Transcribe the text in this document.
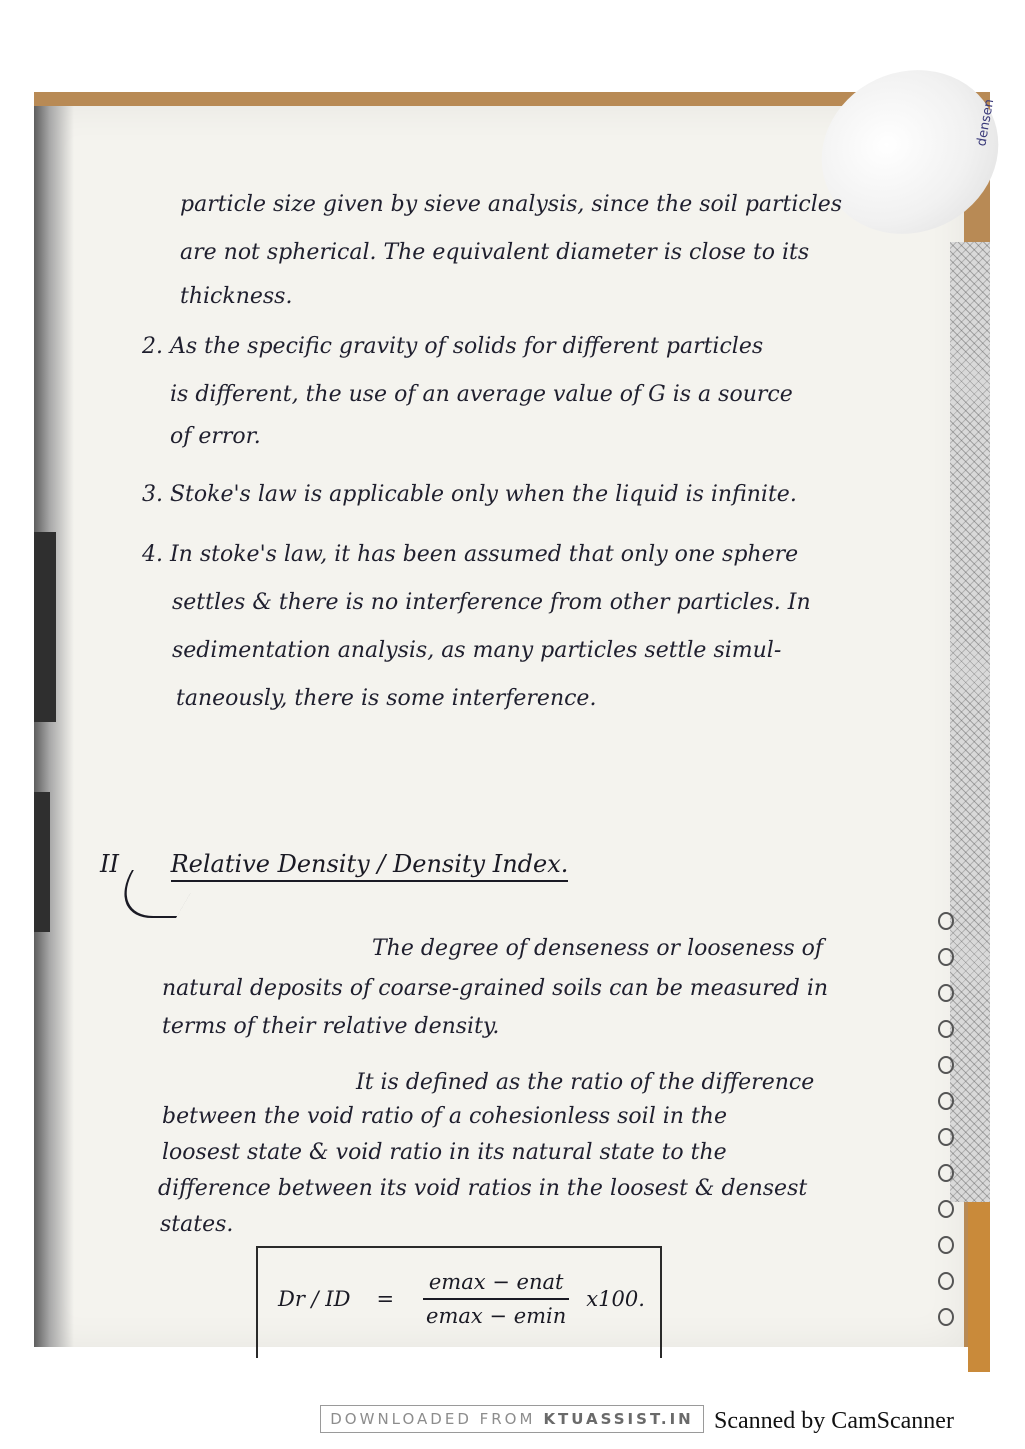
densen
particle size given by sieve analysis, since the soil particles
are not spherical. The equivalent diameter is close to its
thickness.
2. As the specific gravity of solids for different particles
is different, the use of an average value of G is a source
of error.
3. Stoke's law is applicable only when the liquid is infinite.
4. In stoke's law, it has been assumed that only one sphere
settles & there is no interference from other particles. In
sedimentation analysis, as many particles settle simul-
taneously, there is some interference.
II Relative Density / Density Index.
The degree of denseness or looseness of
natural deposits of coarse-grained soils can be measured in
terms of their relative density.
It is defined as the ratio of the difference
between the void ratio of a cohesionless soil in the
loosest state & void ratio in its natural state to the
difference between its void ratios in the loosest & densest
states.
Dr / ID = $\frac{\text{emax − enat}}{emax - emin} x100$.
DOWNLOADED FROM KTUASSIST.IN Scanned by CamScanner
